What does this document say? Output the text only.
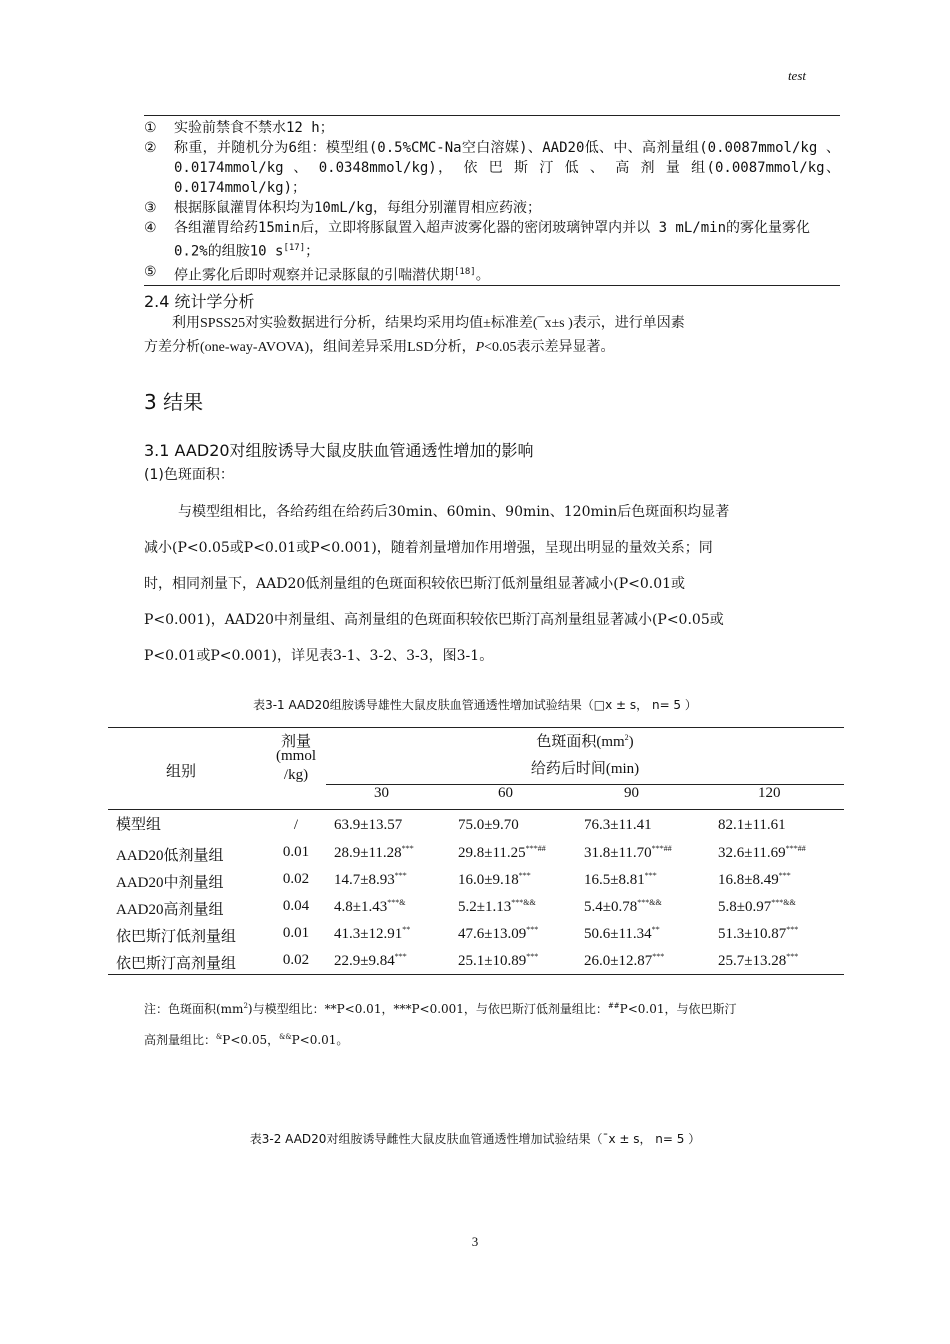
test
① 实验前禁食不禁水12 h；
② 称重，并随机分为6组：模型组(0.5%CMC-Na空白溶媒)、AAD20低、中、高剂量组(0.0087mmol/kg 、 0.0174mmol/kg 、 0.0348mmol/kg)， 依 巴 斯 汀 低 、 高 剂 量 组(0.0087mmol/kg、0.0174mmol/kg)；
③ 根据豚鼠灌胃体积均为10mL/kg，每组分别灌胃相应药液；
④ 各组灌胃给药15min后，立即将豚鼠置入超声波雾化器的密闭玻璃钟罩内并以 3 mL/min的雾化量雾化0.2%的组胺10 s[17]；
⑤ 停止雾化后即时观察并记录豚鼠的引喘潜伏期[18]。
2.4 统计学分析
利用SPSS25对实验数据进行分析，结果均采用均值±标准差(¯x±s )表示，进行单因素
方差分析(one-way-AVOVA)，组间差异采用LSD分析，P<0.05表示差异显著。
3 结果
3.1 AAD20对组胺诱导大鼠皮肤血管通透性增加的影响
(1)色斑面积：
与模型组相比，各给药组在给药后30min、60min、90min、120min后色斑面积均显著
减小(P<0.05或P<0.01或P<0.001)，随着剂量增加作用增强，呈现出明显的量效关系；同
时，相同剂量下，AAD20低剂量组的色斑面积较依巴斯汀低剂量组显著减小(P<0.01或
P<0.001)，AAD20中剂量组、高剂量组的色斑面积较依巴斯汀高剂量组显著减小(P<0.05或
P<0.01或P<0.001)，详见表3-1、3-2、3-3，图3-1。
表3-1 AAD20组胺诱导雄性大鼠皮肤血管通透性增加试验结果（□x ± s， n= 5 ）
组别
剂量
(mmol
/kg)
色斑面积$(mm^2)$
给药后时间(min)
30	60	90	120
模型组	/	63.9±13.57	75.0±9.70	76.3±11.41	82.1±11.61
AAD20低剂量组	0.01	28.9±11.28***	29.8±11.25***##	31.8±11.70***##	32.6±11.69***##
AAD20中剂量组	0.02	14.7±8.93***	16.0±9.18***	16.5±8.81***	16.8±8.49***
AAD20高剂量组	0.04	4.8±1.43***&	5.2±1.13***&&	5.4±0.78***&&	5.8±0.97***&&
依巴斯汀低剂量组	0.01	41.3±12.91**	47.6±13.09***	50.6±11.34**	51.3±10.87***
依巴斯汀高剂量组	0.02	22.9±9.84***	25.1±10.89***	26.0±12.87***	25.7±13.28***
注：色斑面积$(mm^2)$与模型组比：**P<0.01，***P<0.001，与依巴斯汀低剂量组比：##P<0.01，与依巴斯汀
高剂量组比：&P<0.05，&&P<0.01。
表3-2 AAD20对组胺诱导雌性大鼠皮肤血管通透性增加试验结果（¯x ± s， n= 5 ）
3
